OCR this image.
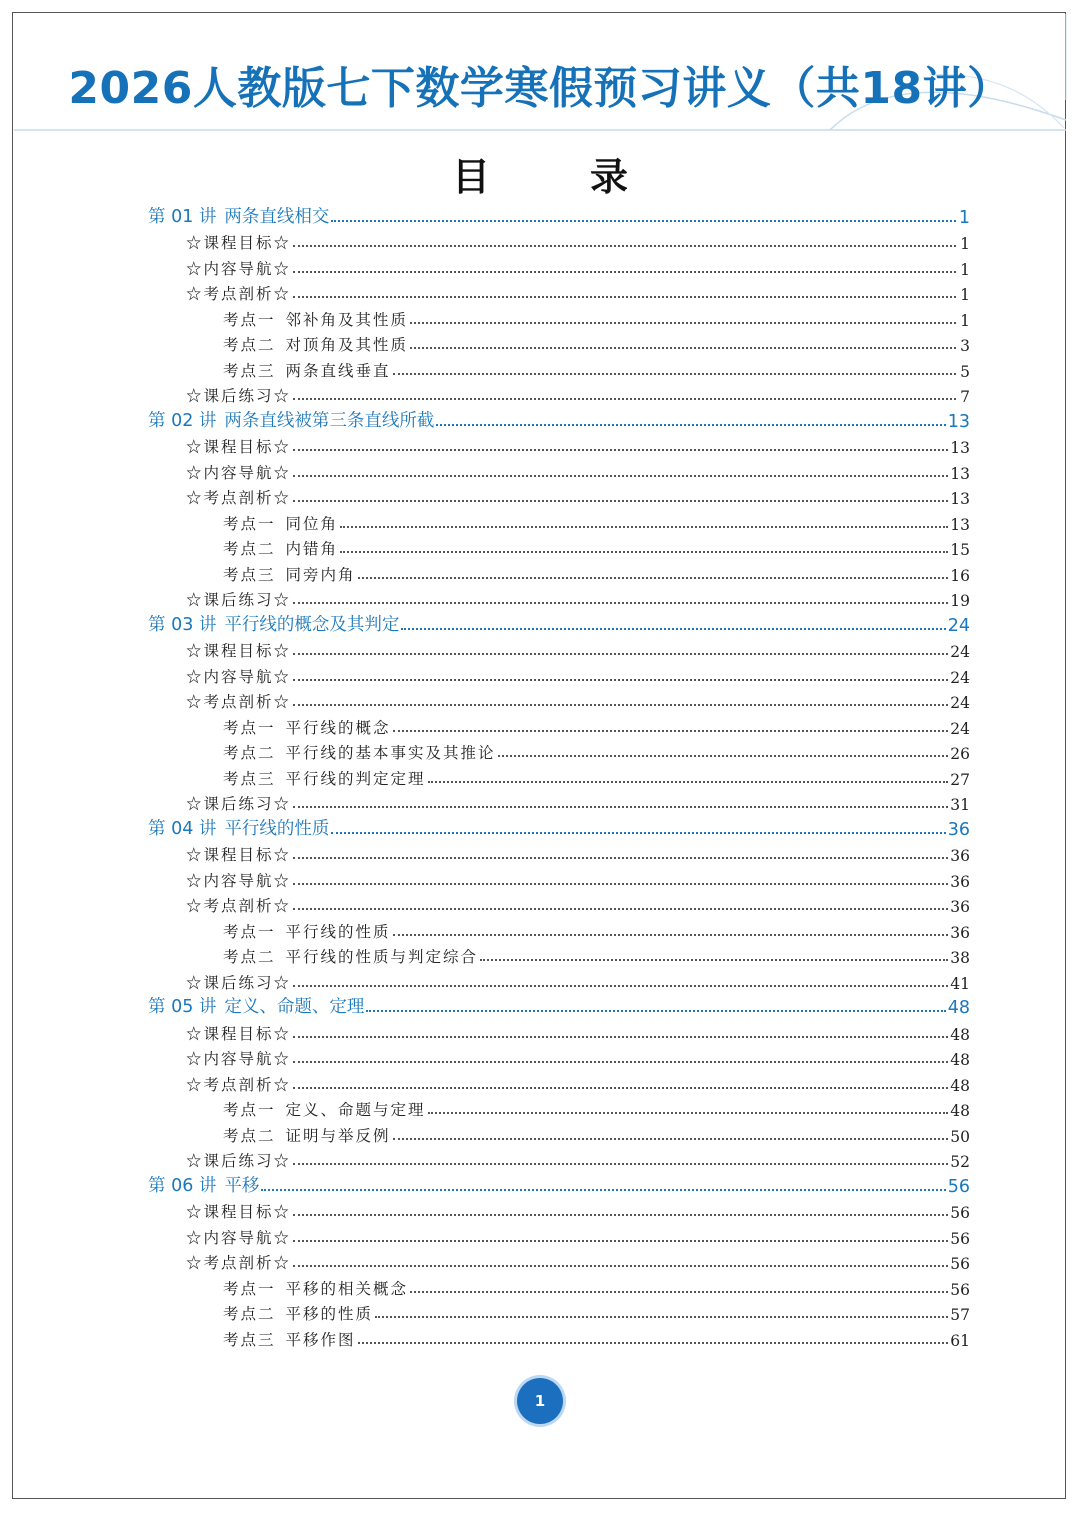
2026人教版七下数学寒假预习讲义（共18讲）
目	录
第 01 讲 两条直线相交	1
☆课程目标☆	1
☆内容导航☆	1
☆考点剖析☆	1
考点一 邻补角及其性质	1
考点二 对顶角及其性质	3
考点三 两条直线垂直	5
☆课后练习☆	7
第 02 讲 两条直线被第三条直线所截	13
☆课程目标☆	13
☆内容导航☆	13
☆考点剖析☆	13
考点一 同位角	13
考点二 内错角	15
考点三 同旁内角	16
☆课后练习☆	19
第 03 讲 平行线的概念及其判定	24
☆课程目标☆	24
☆内容导航☆	24
☆考点剖析☆	24
考点一 平行线的概念	24
考点二 平行线的基本事实及其推论	26
考点三 平行线的判定定理	27
☆课后练习☆	31
第 04 讲 平行线的性质	36
☆课程目标☆	36
☆内容导航☆	36
☆考点剖析☆	36
考点一 平行线的性质	36
考点二 平行线的性质与判定综合	38
☆课后练习☆	41
第 05 讲 定义、命题、定理	48
☆课程目标☆	48
☆内容导航☆	48
☆考点剖析☆	48
考点一 定义、命题与定理	48
考点二 证明与举反例	50
☆课后练习☆	52
第 06 讲 平移	56
☆课程目标☆	56
☆内容导航☆	56
☆考点剖析☆	56
考点一 平移的相关概念	56
考点二 平移的性质	57
考点三 平移作图	61
1
